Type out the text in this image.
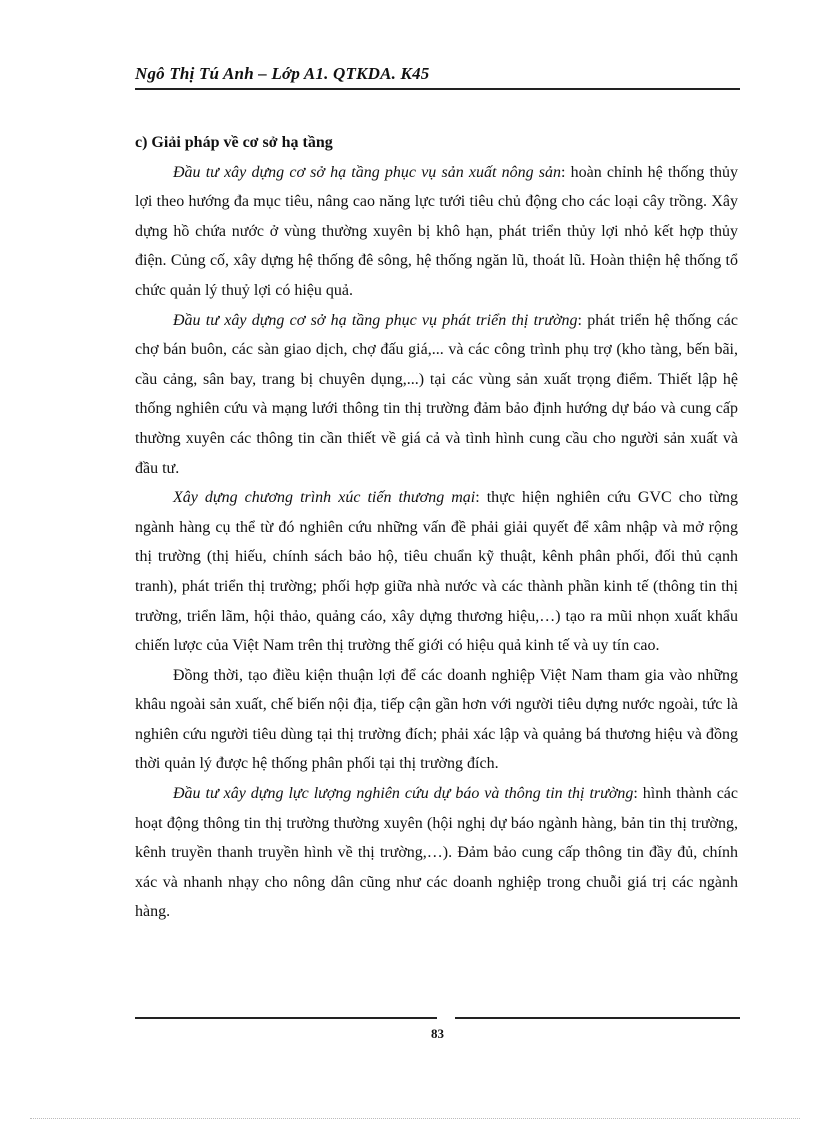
Ngô Thị Tú Anh – Lớp A1. QTKDA. K45

c) Giải pháp về cơ sở hạ tầng

Đầu tư xây dựng cơ sở hạ tầng phục vụ sản xuất nông sản: hoàn chỉnh hệ thống thủy lợi theo hướng đa mục tiêu, nâng cao năng lực tưới tiêu chủ động cho các loại cây trồng. Xây dựng hồ chứa nước ở vùng thường xuyên bị khô hạn, phát triển thủy lợi nhỏ kết hợp thủy điện. Củng cố, xây dựng hệ thống đê sông, hệ thống ngăn lũ, thoát lũ. Hoàn thiện hệ thống tổ chức quản lý thuỷ lợi có hiệu quả.

Đầu tư xây dựng cơ sở hạ tầng phục vụ phát triển thị trường: phát triển hệ thống các chợ bán buôn, các sàn giao dịch, chợ đấu giá,... và các công trình phụ trợ (kho tàng, bến bãi, cầu cảng, sân bay, trang bị chuyên dụng,...) tại các vùng sản xuất trọng điểm. Thiết lập hệ thống nghiên cứu và mạng lưới thông tin thị trường đảm bảo định hướng dự báo và cung cấp thường xuyên các thông tin cần thiết về giá cả và tình hình cung cầu cho người sản xuất và đầu tư.

Xây dựng chương trình xúc tiến thương mại: thực hiện nghiên cứu GVC cho từng ngành hàng cụ thể từ đó nghiên cứu những vấn đề phải giải quyết để xâm nhập và mở rộng thị trường (thị hiếu, chính sách bảo hộ, tiêu chuẩn kỹ thuật, kênh phân phối, đối thủ cạnh tranh), phát triển thị trường; phối hợp giữa nhà nước và các thành phần kinh tế (thông tin thị trường, triển lãm, hội thảo, quảng cáo, xây dựng thương hiệu,…) tạo ra mũi nhọn xuất khẩu chiến lược của Việt Nam trên thị trường thế giới có hiệu quả kinh tế và uy tín cao.

Đồng thời, tạo điều kiện thuận lợi để các doanh nghiệp Việt Nam tham gia vào những khâu ngoài sản xuất, chế biến nội địa, tiếp cận gần hơn với người tiêu dựng nước ngoài, tức là nghiên cứu người tiêu dùng tại thị trường đích; phải xác lập và quảng bá thương hiệu và đồng thời quản lý được hệ thống phân phối tại thị trường đích.

Đầu tư xây dựng lực lượng nghiên cứu dự báo và thông tin thị trường: hình thành các hoạt động thông tin thị trường thường xuyên (hội nghị dự báo ngành hàng, bản tin thị trường, kênh truyền thanh truyền hình về thị trường,…). Đảm bảo cung cấp thông tin đầy đủ, chính xác và nhanh nhạy cho nông dân cũng như các doanh nghiệp trong chuỗi giá trị các ngành hàng.

83
